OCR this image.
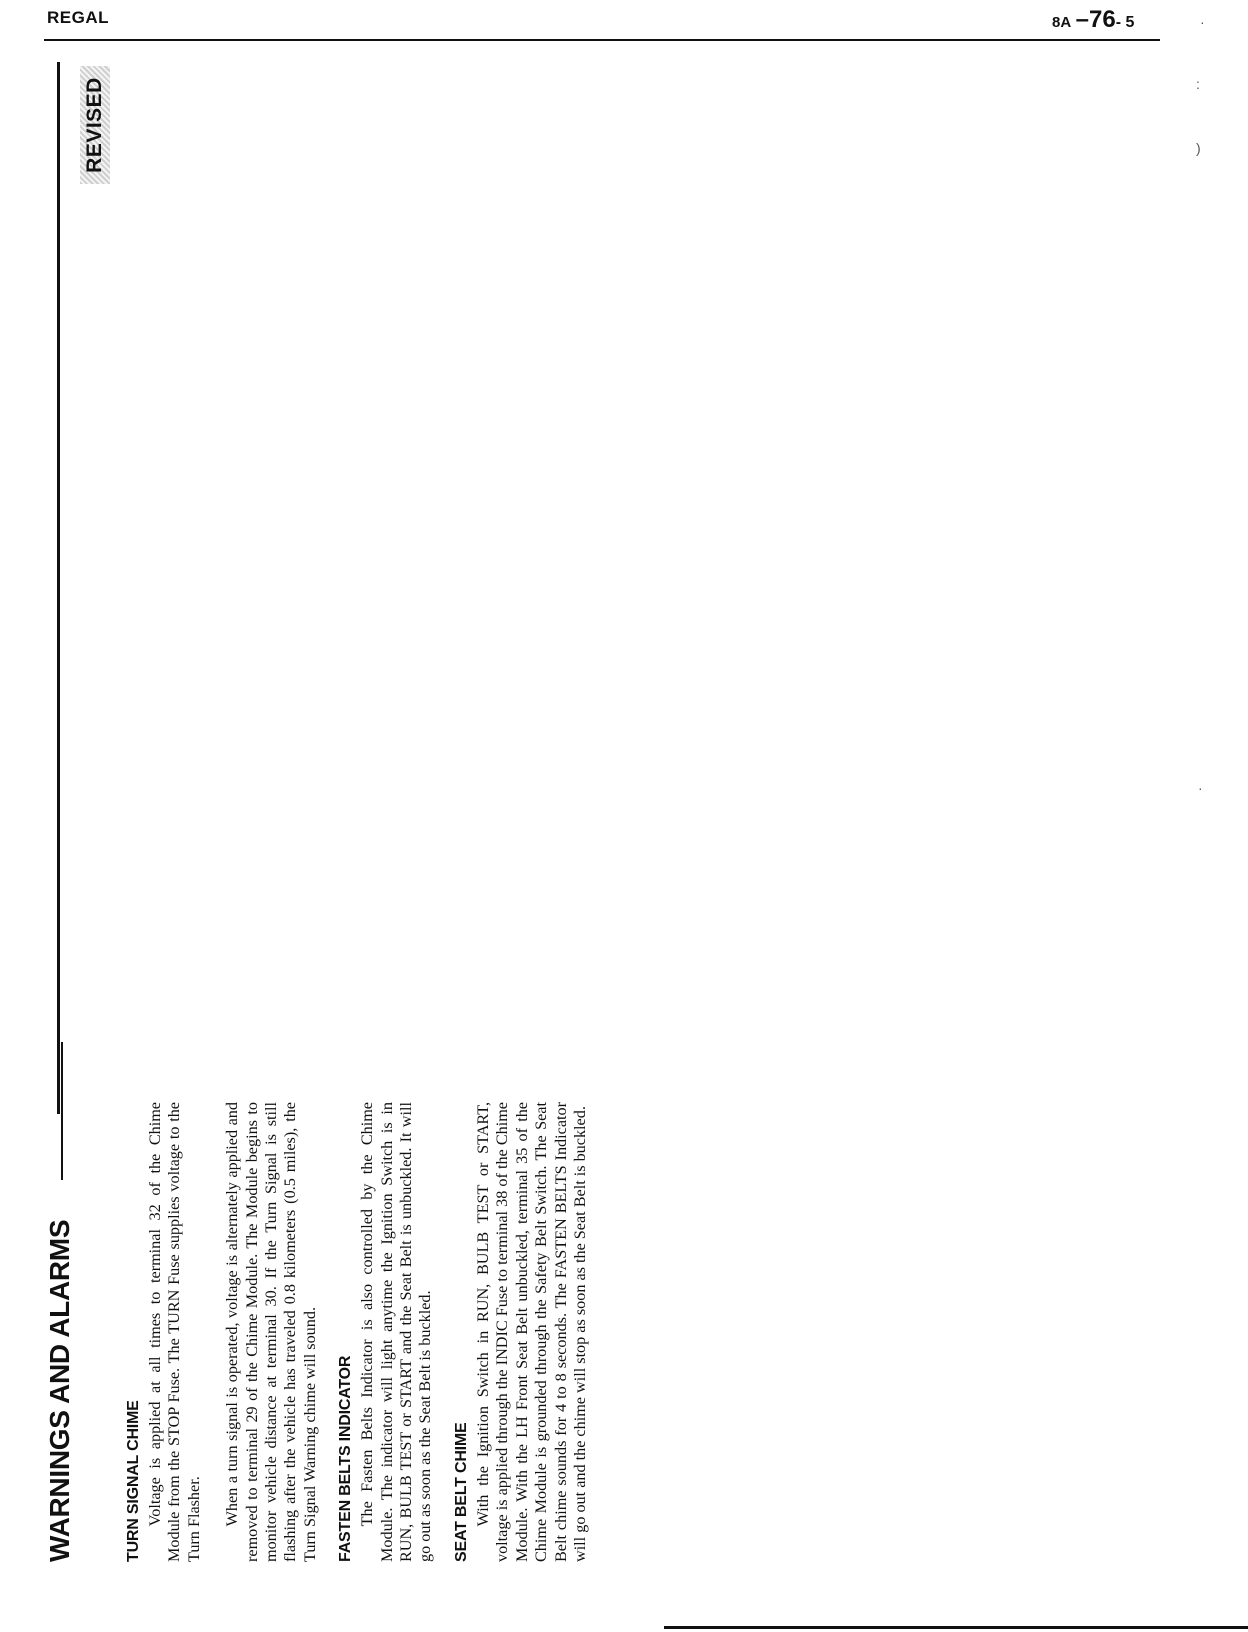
REGAL	8A –76- 5
REVISED
·
:
)
·
WARNINGS AND ALARMS	TURN SIGNAL CHIME Voltage is applied at all times to terminal 32 of the Chime Module from the STOP Fuse. The TURN Fuse supplies voltage to the Turn Flasher. When a turn signal is operated, voltage is alternately applied and removed to terminal 29 of the Chime Module. The Module begins to monitor vehicle distance at terminal 30. If the Turn Signal is still flashing after the vehicle has traveled 0.8 kilometers (0.5 miles), the Turn Signal Warning chime will sound. FASTEN BELTS INDICATOR The Fasten Belts Indicator is also controlled by the Chime Module. The indicator will light anytime the Ignition Switch is in RUN, BULB TEST or START and the Seat Belt is unbuckled. It will go out as soon as the Seat Belt is buckled. SEAT BELT CHIME With the Ignition Switch in RUN, BULB TEST or START, voltage is applied through the INDIC Fuse to terminal 38 of the Chime Module. With the LH Front Seat Belt unbuckled, terminal 35 of the Chime Module is grounded through the Safety Belt Switch. The Seat Belt chime sounds for 4 to 8 seconds. The FASTEN BELTS Indicator will go out and the chime will stop as soon as the Seat Belt is buckled.
